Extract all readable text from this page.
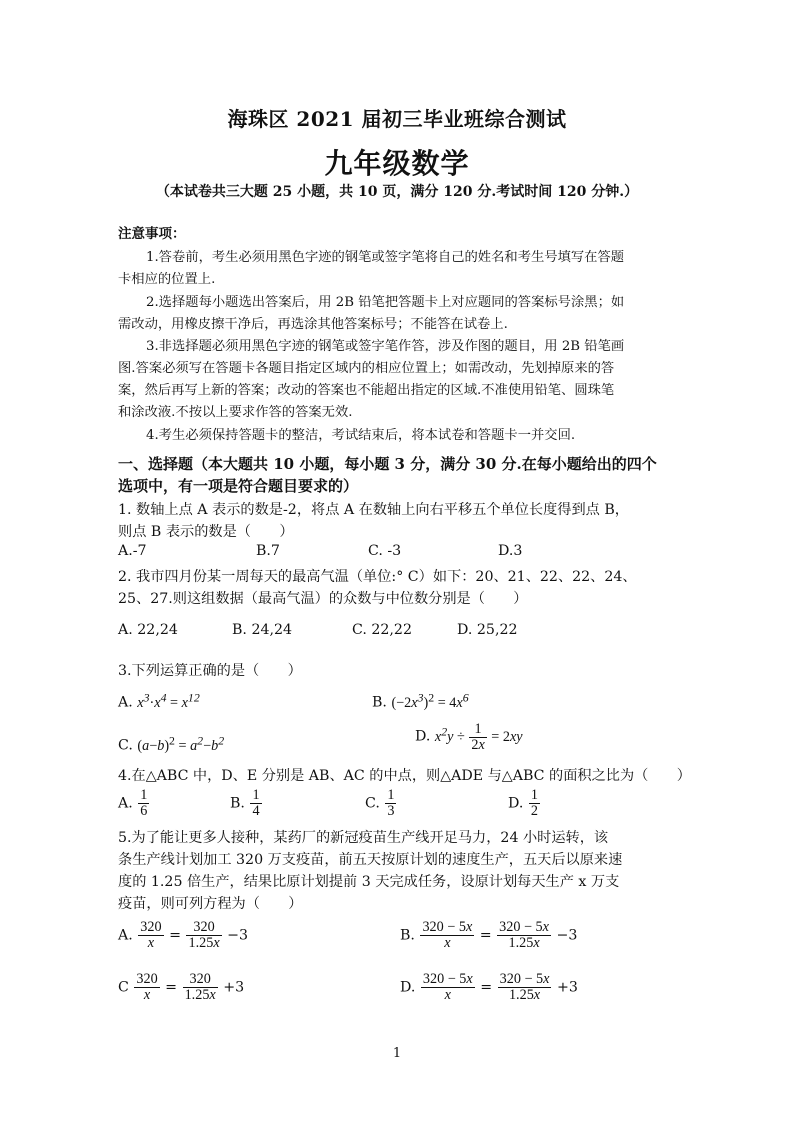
海珠区 2021 届初三毕业班综合测试
九年级数学
（本试卷共三大题 25 小题，共 10 页，满分 120 分.考试时间 120 分钟.）
注意事项：
1.答卷前，考生必须用黑色字迹的钢笔或签字笔将自己的姓名和考生号填写在答题
卡相应的位置上.
2.选择题每小题选出答案后，用 2B 铅笔把答题卡上对应题同的答案标号涂黑；如
需改动，用橡皮擦干净后，再选涂其他答案标号；不能答在试卷上.
3.非选择题必须用黑色字迹的钢笔或签字笔作答，涉及作图的题目，用 2B 铅笔画
图.答案必须写在答题卡各题目指定区域内的相应位置上；如需改动，先划掉原来的答
案，然后再写上新的答案；改动的答案也不能超出指定的区域.不准使用铅笔、圆珠笔
和涂改液.不按以上要求作答的答案无效.
4.考生必须保持答题卡的整洁，考试结束后，将本试卷和答题卡一并交回.
一、选择题（本大题共 10 小题，每小题 3 分，满分 30 分.在每小题给出的四个
选项中，有一项是符合题目要求的）
1. 数轴上点 A 表示的数是-2，将点 A 在数轴上向右平移五个单位长度得到点 B，
则点 B 表示的数是（　　）
A.-7	B.7	C. -3	D.3
2. 我市四月份某一周每天的最高气温（单位:° C）如下：20、21、22、22、24、
25、27.则这组数据（最高气温）的众数与中位数分别是（　　）
A. 22,24	B. 24,24	C. 22,22	D. 25,22
3.下列运算正确的是（　　）
A. $x^3\cdot x^4 = x^{12}$	B. $(-2x^3)^2 = 4x^6$
C. $(a-b)^2 = a^2-b^2$	D. $x^2y \div \frac{1}{2x} = 2xy$
4.在△ABC 中，D、E 分别是 AB、AC 的中点，则△ADE 与△ABC 的面积之比为（　　）
A. $\frac{1}{6}$	B. $\frac{1}{4}$	C. $\frac{1}{3}$	D. $\frac{1}{2}$
5.为了能让更多人接种，某药厂的新冠疫苗生产线开足马力，24 小时运转，该
条生产线计划加工 320 万支疫苗，前五天按原计划的速度生产，五天后以原来速
度的 1.25 倍生产，结果比原计划提前 3 天完成任务，设原计划每天生产 x 万支
疫苗，则可列方程为（　　）
A. $\frac{320}{x} = \frac{320}{1.25x} -3$	B. $\frac{320 - 5x}{x} = \frac{320 - 5x}{1.25x} -3$
C $\frac{320}{x} = \frac{320}{1.25x} +3$	D. $\frac{320 - 5x}{x} = \frac{320 - 5x}{1.25x} +3$
1
